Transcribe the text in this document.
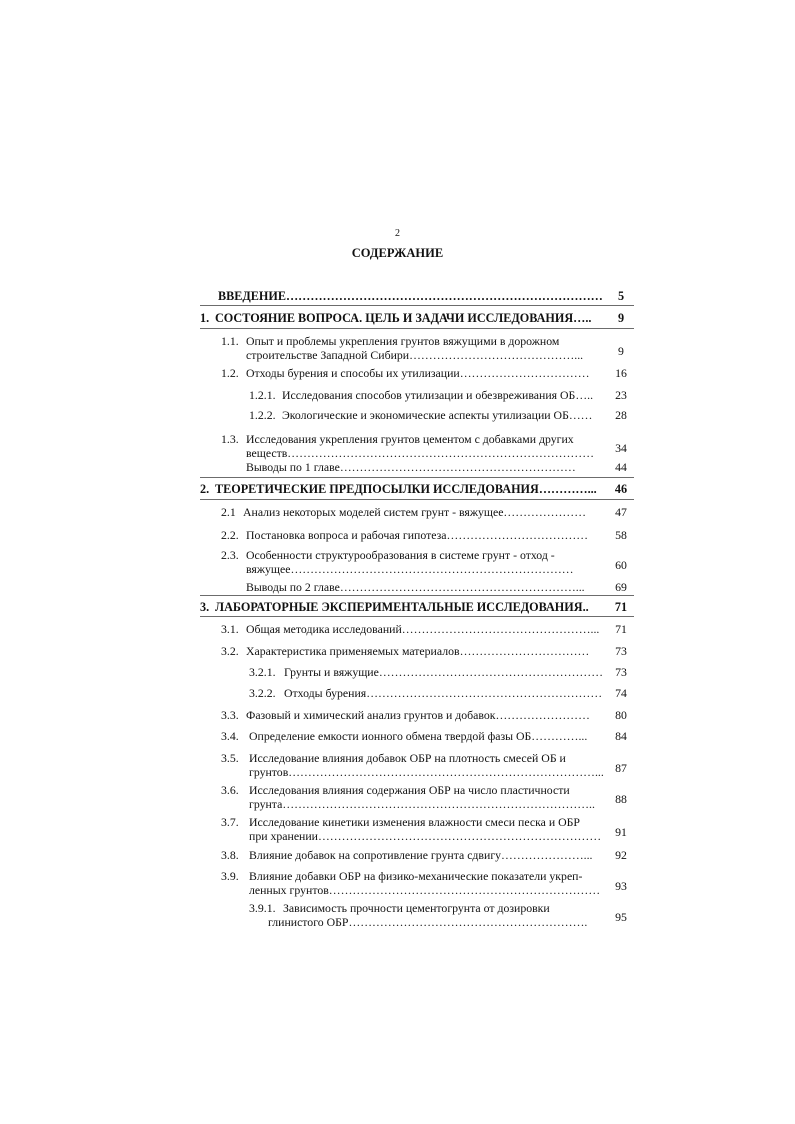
2
СОДЕРЖАНИЕ
ВВЕДЕНИЕ……………………………………………………………………	5
1. СОСТОЯНИЕ ВОПРОСА. ЦЕЛЬ И ЗАДАЧИ ИССЛЕДОВАНИЯ…..	9
1.1. Опыт и проблемы укрепления грунтов вяжущими в дорожном
строительстве Западной Сибири……………………………………...	9
1.2. Отходы бурения и способы их утилизации……………………………	16
1.2.1. Исследования способов утилизации и обезвреживания ОБ…..	23
1.2.2. Экологические и экономические аспекты утилизации ОБ……	28
1.3. Исследования укрепления грунтов цементом с добавками других
веществ……………………………………………………………………	34
Выводы по 1 главе……………………………………………………	44
2. ТЕОРЕТИЧЕСКИЕ ПРЕДПОСЫЛКИ ИССЛЕДОВАНИЯ…………...	46
2.1 Анализ некоторых моделей систем грунт - вяжущее…………………	47
2.2. Постановка вопроса и рабочая гипотеза………………………………	58
2.3. Особенности структурообразования в системе грунт - отход -
вяжущее………………………………………………………………	60
Выводы по 2 главе……………………………………………………...	69
3. ЛАБОРАТОРНЫЕ ЭКСПЕРИМЕНТАЛЬНЫЕ ИССЛЕДОВАНИЯ..	71
3.1. Общая методика исследований…………………………………………...	71
3.2. Характеристика применяемых материалов……………………………	73
3.2.1. Грунты и вяжущие…………………………………………………	73
3.2.2. Отходы бурения……………………………………………………	74
3.3. Фазовый и химический анализ грунтов и добавок……………………	80
3.4. Определение емкости ионного обмена твердой фазы ОБ…………...	84
3.5. Исследование влияния добавок ОБР на плотность смесей ОБ и
грунтов……………………………………………………………………... 87
3.6. Исследования влияния содержания ОБР на число пластичности
грунта……………………………………………………………………..	88
3.7. Исследование кинетики изменения влажности смеси песка и ОБР
при хранении………………………………………………………………	91
3.8. Влияние добавок на сопротивление грунта сдвигу…………………...	92
3.9. Влияние добавки ОБР на физико-механические показатели укреп-
ленных грунтов……………………………………………………………	93
3.9.1. Зависимость прочности цементогрунта от дозировки
глинистого ОБР…………………………………………………….	95
